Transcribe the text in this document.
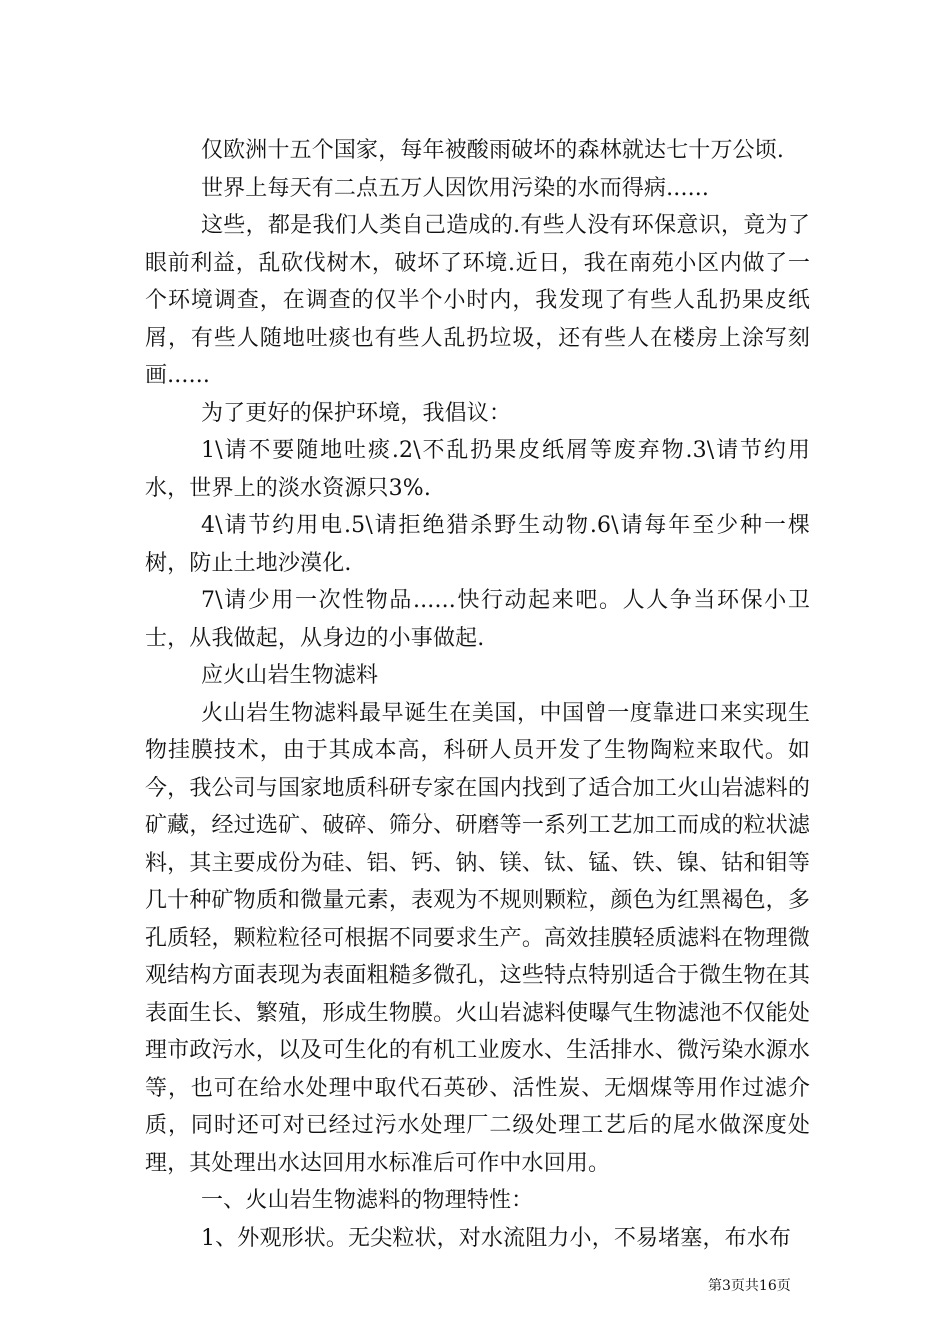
仅欧洲十五个国家，每年被酸雨破坏的森林就达七十万公顷.

世界上每天有二点五万人因饮用污染的水而得病......

这些，都是我们人类自己造成的.有些人没有环保意识，竟为了眼前利益，乱砍伐树木，破坏了环境.近日，我在南苑小区内做了一个环境调查，在调查的仅半个小时内，我发现了有些人乱扔果皮纸屑，有些人随地吐痰也有些人乱扔垃圾，还有些人在楼房上涂写刻画......

为了更好的保护环境，我倡议：

1\请不要随地吐痰.2\不乱扔果皮纸屑等废弃物.3\请节约用水，世界上的淡水资源只3%.

4\请节约用电.5\请拒绝猎杀野生动物.6\请每年至少种一棵树，防止土地沙漠化.

7\请少用一次性物品......快行动起来吧。人人争当环保小卫士，从我做起，从身边的小事做起.

应火山岩生物滤料

火山岩生物滤料最早诞生在美国，中国曾一度靠进口来实现生物挂膜技术，由于其成本高，科研人员开发了生物陶粒来取代。如今，我公司与国家地质科研专家在国内找到了适合加工火山岩滤料的矿藏，经过选矿、破碎、筛分、研磨等一系列工艺加工而成的粒状滤料，其主要成份为硅、铝、钙、钠、镁、钛、锰、铁、镍、钴和钼等几十种矿物质和微量元素，表观为不规则颗粒，颜色为红黑褐色，多孔质轻，颗粒粒径可根据不同要求生产。高效挂膜轻质滤料在物理微观结构方面表现为表面粗糙多微孔，这些特点特别适合于微生物在其表面生长、繁殖，形成生物膜。火山岩滤料使曝气生物滤池不仅能处理市政污水，以及可生化的有机工业废水、生活排水、微污染水源水等，也可在给水处理中取代石英砂、活性炭、无烟煤等用作过滤介质，同时还可对已经过污水处理厂二级处理工艺后的尾水做深度处理，其处理出水达回用水标准后可作中水回用。

一、火山岩生物滤料的物理特性：

1、外观形状。无尖粒状，对水流阻力小，不易堵塞，布水布

第3页共16页
